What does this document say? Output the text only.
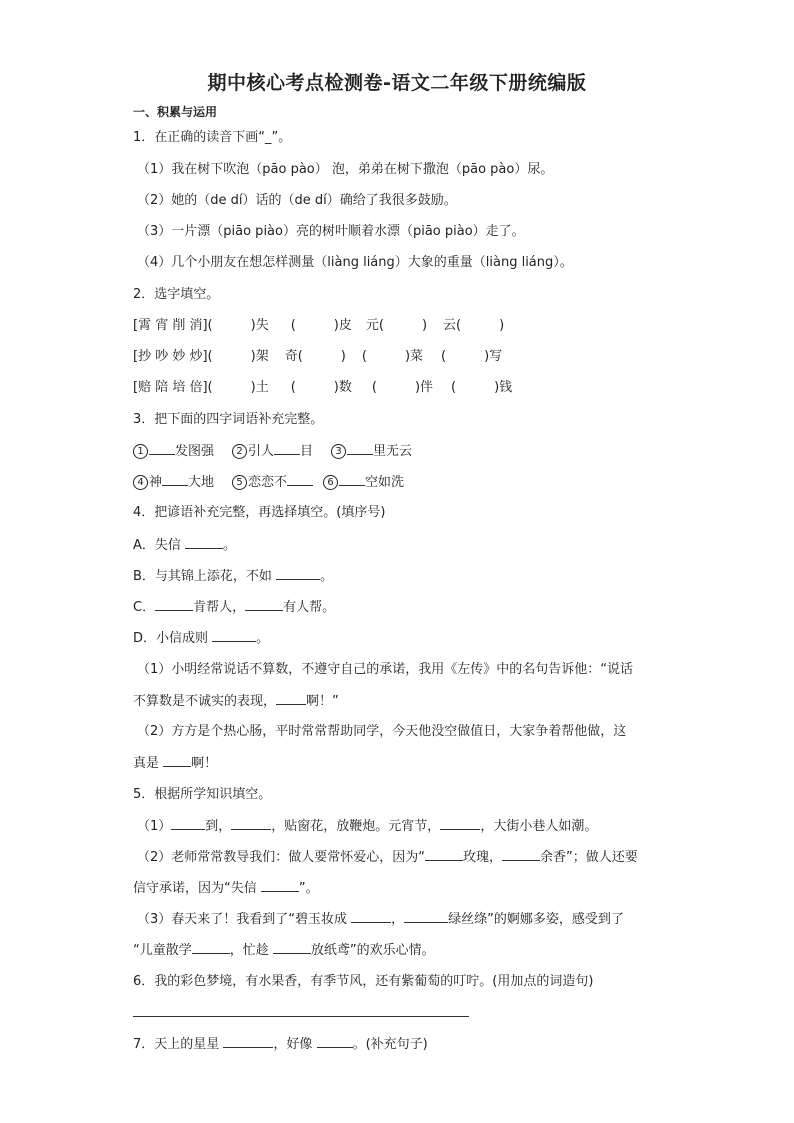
期中核心考点检测卷-语文二年级下册统编版
一、积累与运用
1．在正确的读音下画“_”。
（1）我在树下吹泡（pāo pào） 泡，弟弟在树下撒泡（pāo pào）尿。
（2）她的（de dí）话的（de dí）确给了我很多鼓励。
（3）一片漂（piāo piào）亮的树叶顺着水漂（piāo piào）走了。
（4）几个小朋友在想怎样测量（liàng liáng）大象的重量（liàng liáng）。
2．选字填空。
[霄 宵 削 消](	)失 (	)皮 元(	) 云(	)
[抄 吵 妙 炒](	)架 奇(	) (	)菜 (	)写
[赔 陪 培 倍](	)土 (	)数 (	)伴 (	)钱
3．把下面的四字词语补充完整。
1 发图强 2 引人 目 3 里无云
4 神 大地 5 恋恋不	6 空如洗
4．把谚语补充完整，再选择填空。(填序号)
A．失信	。
B．与其锦上添花，不如	。
C．	肯帮人，	有人帮。
D．小信成则	。
（1）小明经常说话不算数，不遵守自己的承诺，我用《左传》中的名句告诉他：“说话
不算数是不诚实的表现， 啊！”
（2）方方是个热心肠，平时常常帮助同学，今天他没空做值日，大家争着帮他做，这
真是 啊！
5．根据所学知识填空。
（1）	到，	，贴窗花，放鞭炮。元宵节，	，大街小巷人如潮。
（2）老师常常教导我们：做人要常怀爱心，因为“	玫瑰，	余香”；做人还要
信守承诺，因为“失信	”。
（3）春天来了！我看到了“碧玉妆成	，	绿丝绦”的婀娜多姿，感受到了
“儿童散学	，忙趁	放纸鸢”的欢乐心情。
6．我的彩色梦境，有水果香，有季节风，还有紫葡萄的叮咛。(用加点的词造句)
7．天上的星星	，好像	。(补充句子)
